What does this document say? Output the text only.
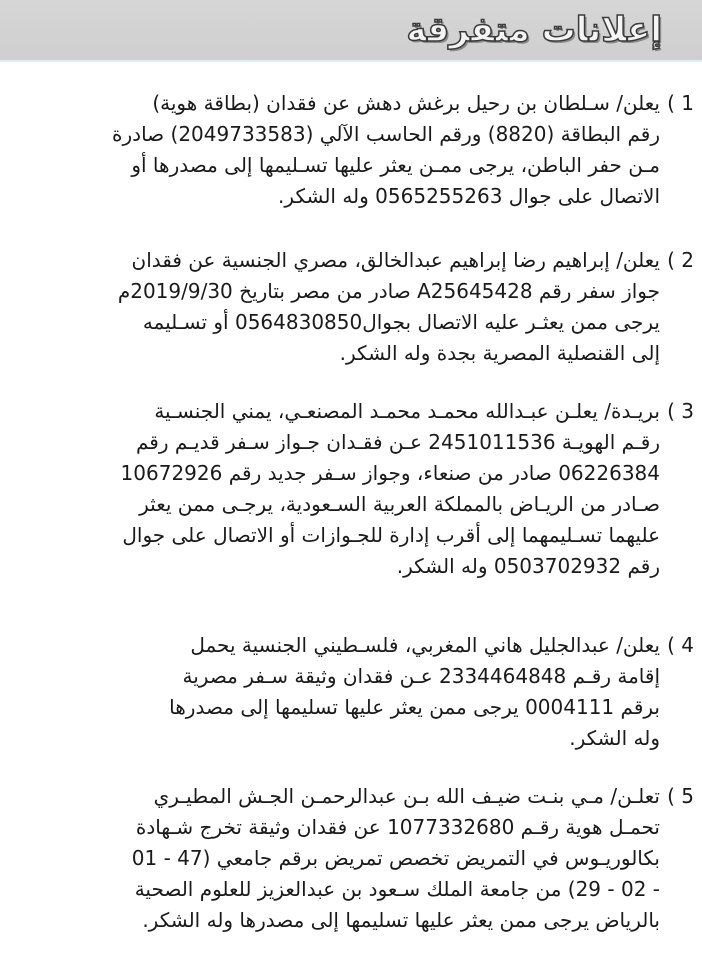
إعلانات متفرقة
1 )يعلن/ سـلطان بن رحيل برغش دهش عن فقدان (بطاقة هوية)
رقم البطاقة (8820) ورقم الحاسب الآلي (2049733583) صادرة
مـن حفر الباطن، يرجى ممـن يعثر عليها تسـليمها إلى مصدرها أو
الاتصال على جوال 0565255263 وله الشكر.
2 )يعلن/ إبراهيم رضا إبراهيم عبدالخالق، مصري الجنسية عن فقدان
جواز سفر رقم A25645428 صادر من مصر بتاريخ 2019/9/30م
يرجى ممن يعثـر عليه الاتصال بجوال0564830850 أو تسـليمه
إلى القنصلية المصرية بجدة وله الشكر.
3 )بريـدة/ يعلـن عبـدالله محمـد محمـد المصنعـي، يمني الجنسـية
رقـم الهويـة 2451011536 عـن فقـدان جـواز سـفر قديـم رقم
06226384 صادر من صنعاء، وجواز سـفر جديد رقم 10672926
صـادر من الريـاض بالمملكة العربية السـعودية، يرجـى ممن يعثر
عليهما تسـليمهما إلى أقرب إدارة للجـوازات أو الاتصال على جوال
رقم 0503702932 وله الشكر.
4 )يعلن/ عبدالجليل هاني المغربي، فلسـطيني الجنسية يحمل
إقامة رقـم 2334464848 عـن فقدان وثيقة سـفر مصرية
برقم 0004111 يرجى ممن يعثر عليها تسليمها إلى مصدرها
وله الشكر.
5 )تعلـن/ مـي بنـت ضيـف الله بـن عبدالرحمـن الجـش المطيـري
تحمـل هوية رقـم 1077332680 عن فقدان وثيقة تخرج شـهادة
بكالوريـوس في التمريض تخصص تمريض برقم جامعي (47 - 01
- 02 - 29) من جامعة الملك سـعود بن عبدالعزيز للعلوم الصحية
بالرياض يرجى ممن يعثر عليها تسليمها إلى مصدرها وله الشكر.
